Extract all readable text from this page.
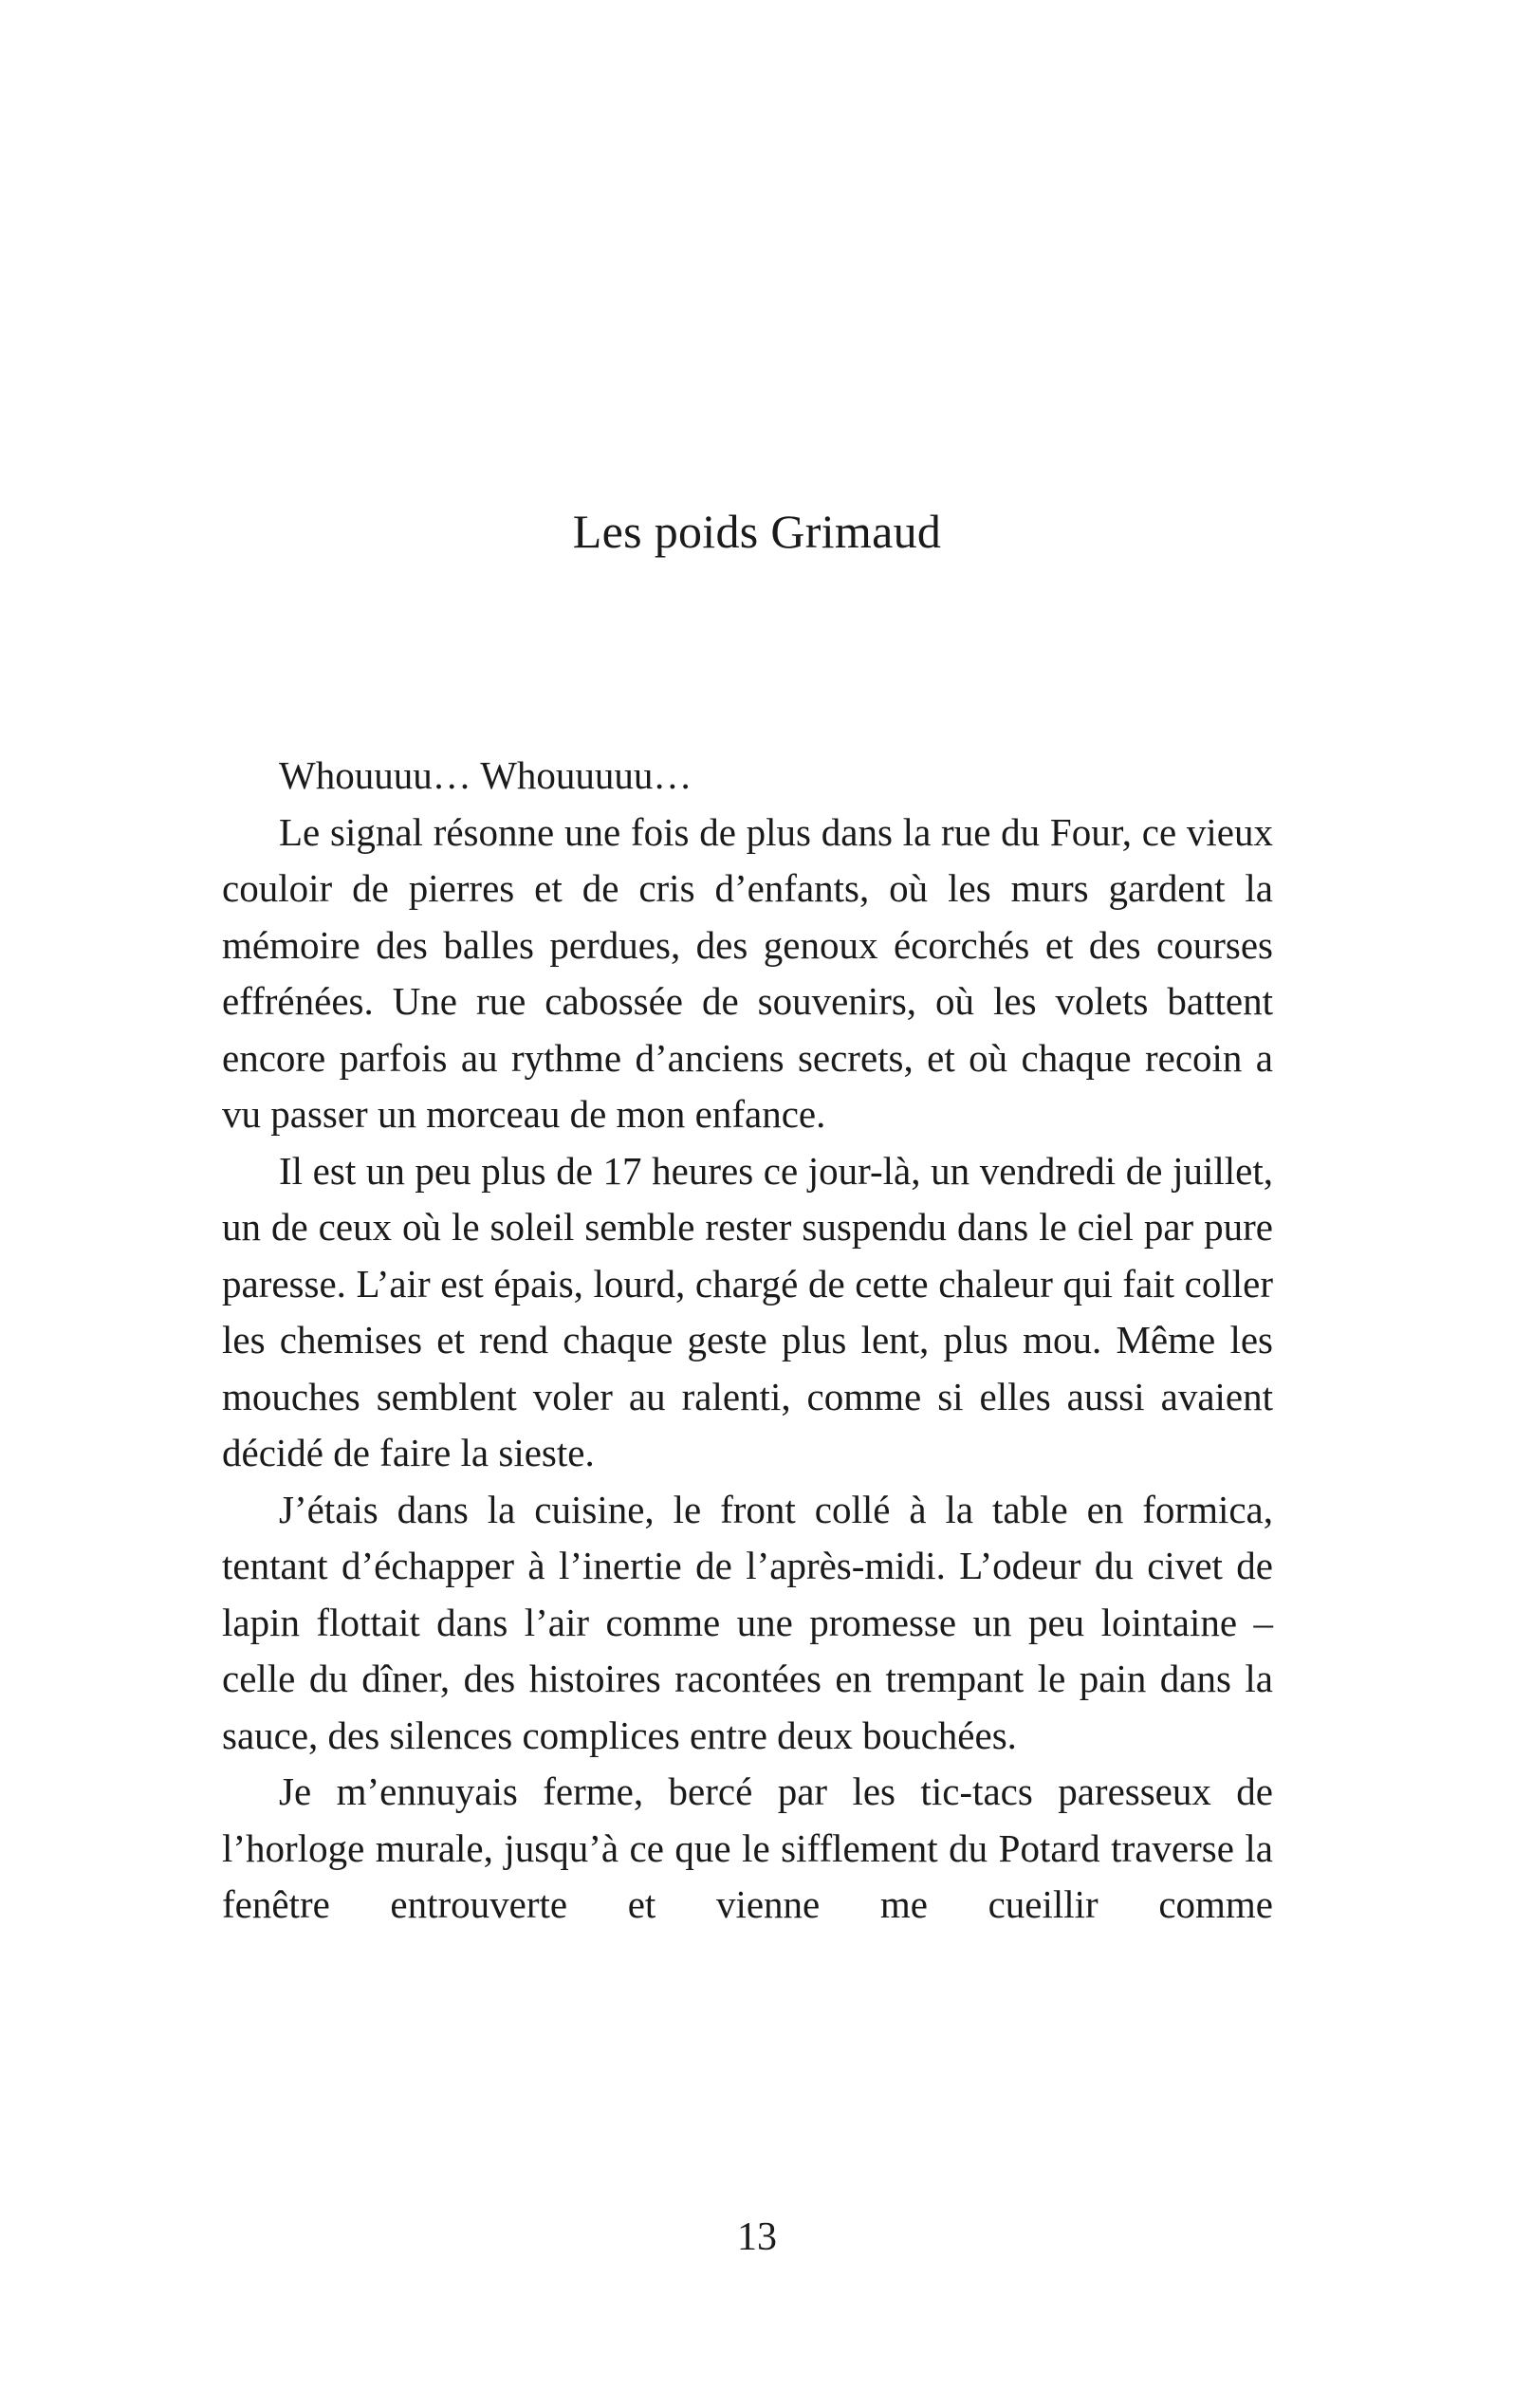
Les poids Grimaud

Whouuuu… Whouuuuu…

Le signal résonne une fois de plus dans la rue du Four, ce vieux couloir de pierres et de cris d’enfants, où les murs gardent la mémoire des balles perdues, des genoux écorchés et des courses effrénées. Une rue cabossée de souvenirs, où les volets battent encore parfois au rythme d’anciens secrets, et où chaque recoin a vu passer un morceau de mon enfance.

Il est un peu plus de 17 heures ce jour-là, un vendredi de juillet, un de ceux où le soleil semble rester suspendu dans le ciel par pure paresse. L’air est épais, lourd, chargé de cette chaleur qui fait coller les chemises et rend chaque geste plus lent, plus mou. Même les mouches semblent voler au ralenti, comme si elles aussi avaient décidé de faire la sieste.

J’étais dans la cuisine, le front collé à la table en formica, tentant d’échapper à l’inertie de l’après-midi. L’odeur du civet de lapin flottait dans l’air comme une promesse un peu lointaine – celle du dîner, des histoires racontées en trempant le pain dans la sauce, des silences complices entre deux bouchées.

Je m’ennuyais ferme, bercé par les tic-tacs paresseux de l’horloge murale, jusqu’à ce que le sifflement du Potard traverse la fenêtre entrouverte et vienne me cueillir comme

13
